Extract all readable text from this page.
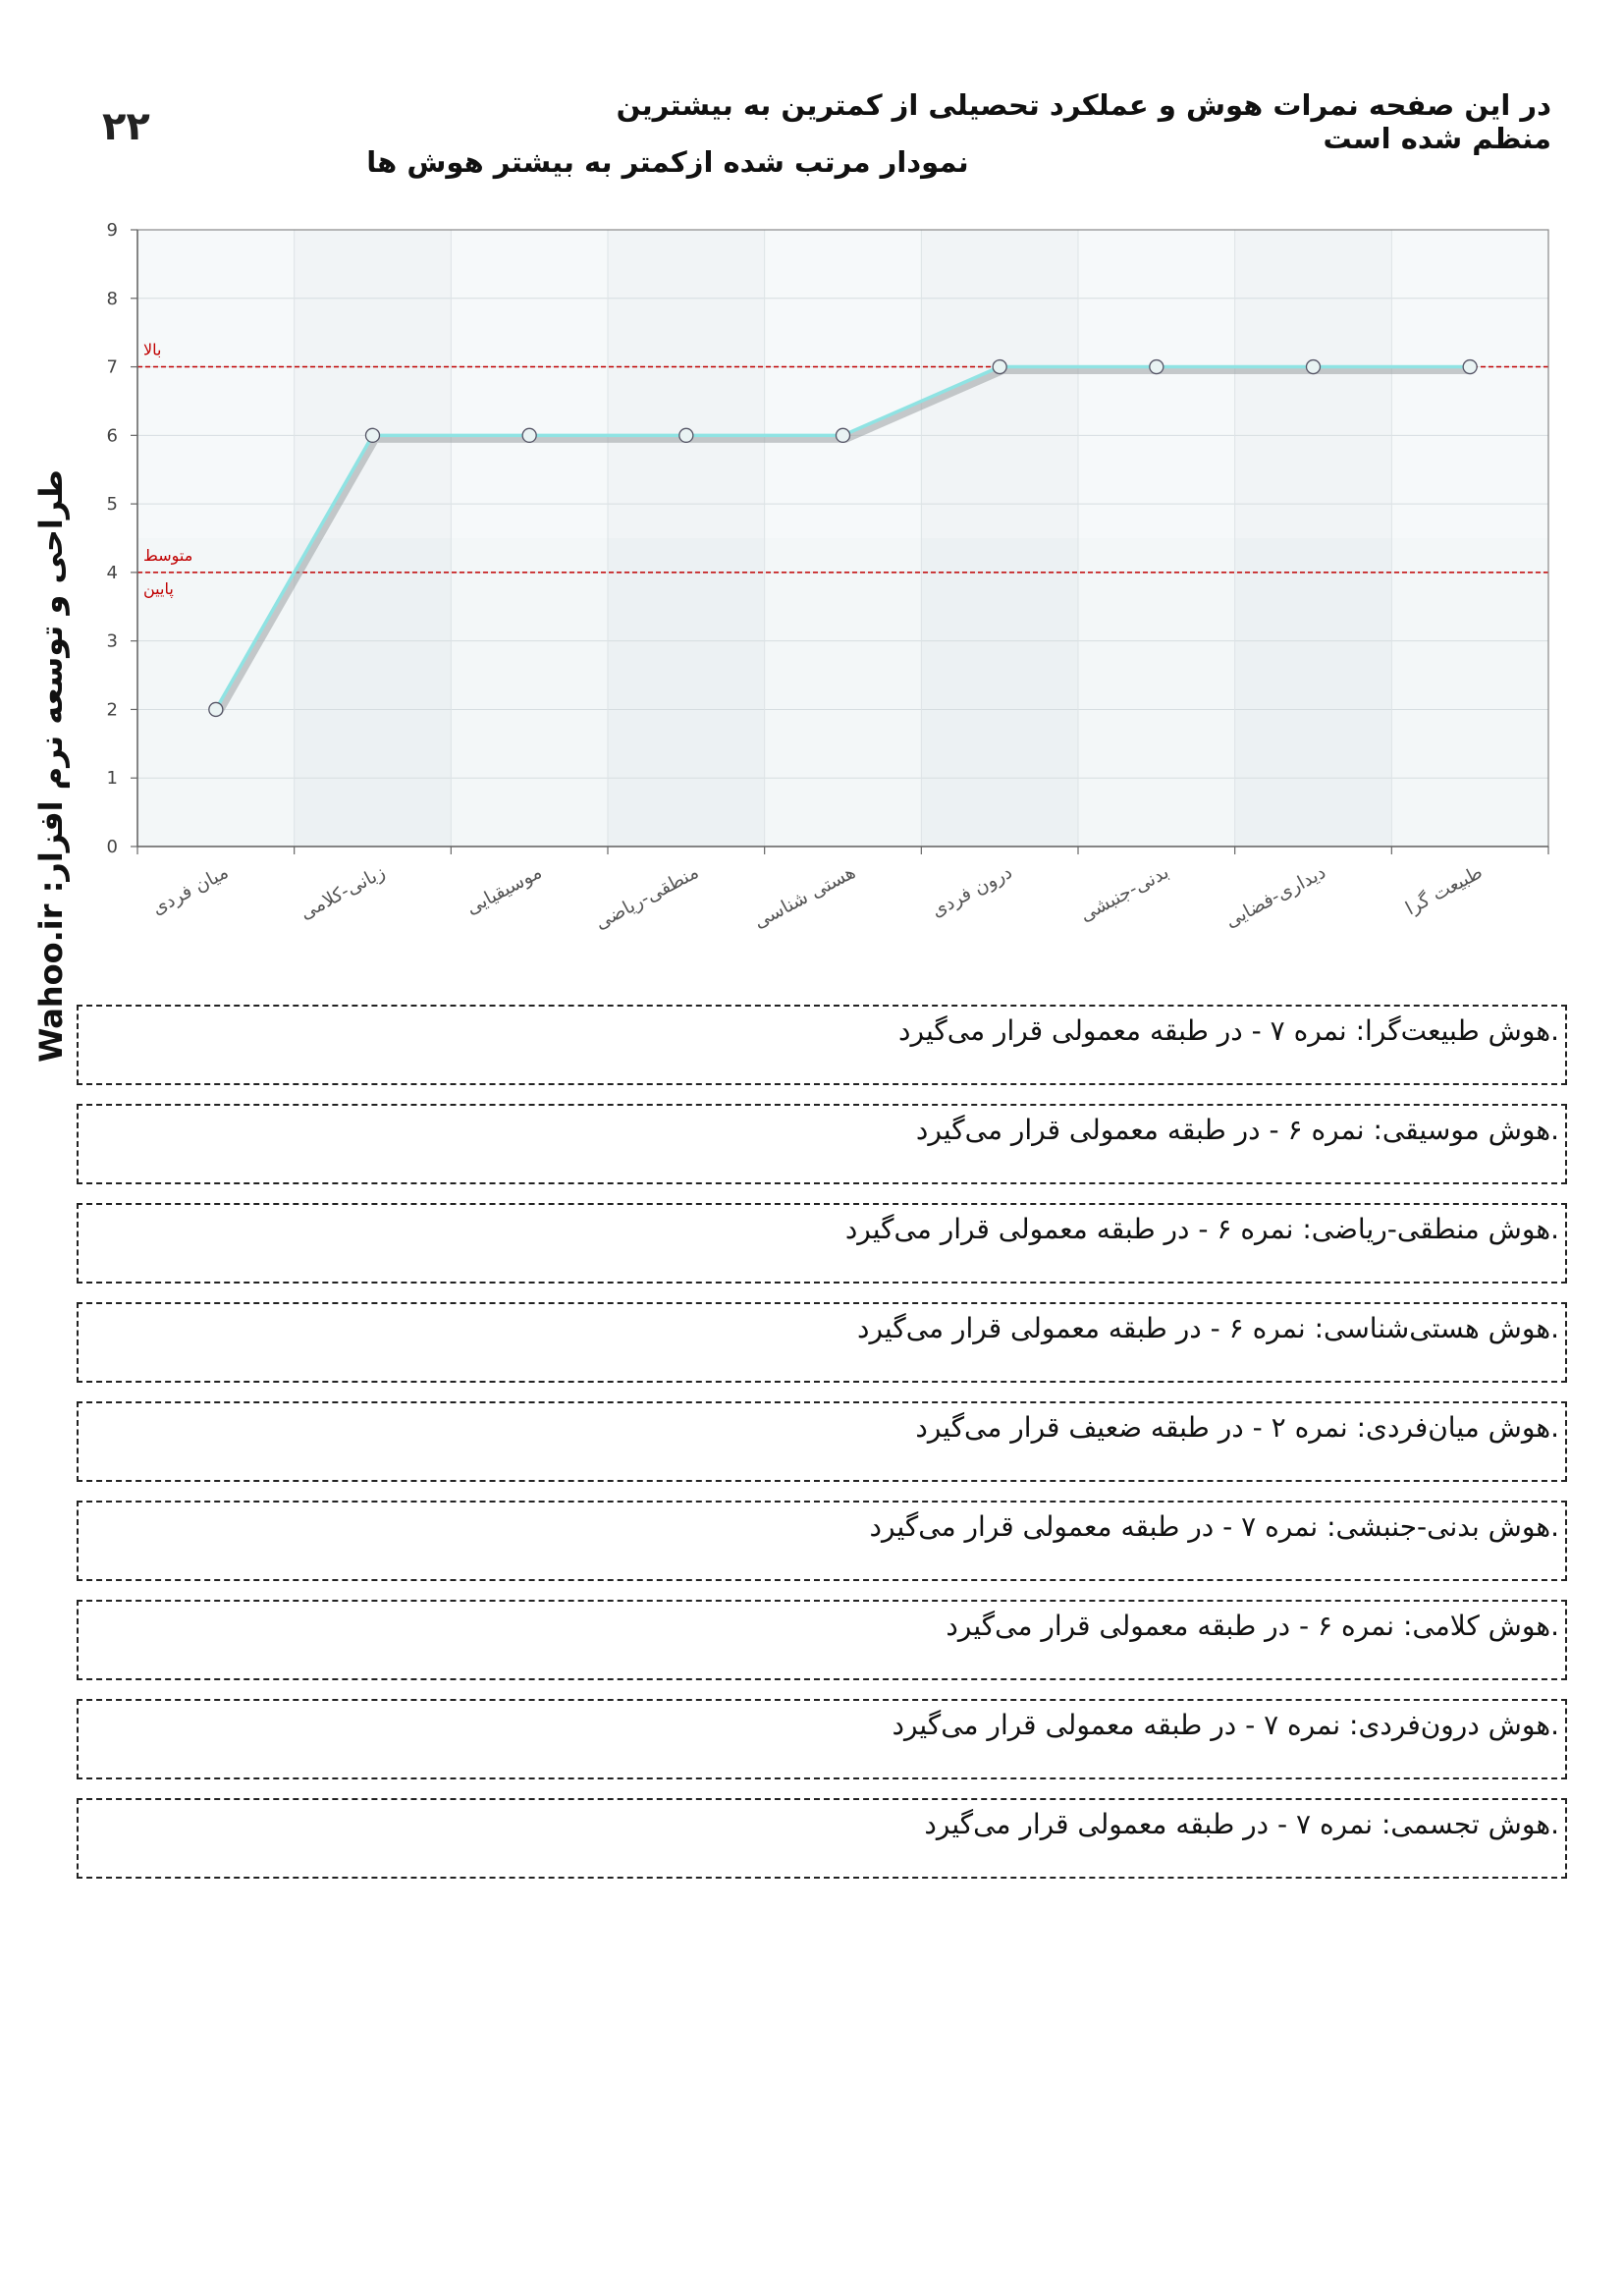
۲۲	در این صفحه نمرات هوش و عملکرد تحصیلی از کمترین به بیشترین منظم شده است
نمودار مرتب شده ازکمتر به بیشتر هوش ها
طراحی و توسعه نرم افزار: Wahoo.ir
بالا
متوسط
پایین
میان فردی	زبانی-کلامی	موسیقیایی منطقی-ریاضی	هستی شناسی	درون فردی	بدنی-جنبشی	دیداری-فضایی	طبیعت گرا
0
1
2
3
4
5
6
7
8
9
.هوش طبیعت‌گرا: نمره ۷ - در طبقه معمولی قرار می‌گیرد
.هوش موسیقی: نمره ۶ - در طبقه معمولی قرار می‌گیرد
.هوش منطقی-ریاضی: نمره ۶ - در طبقه معمولی قرار می‌گیرد
.هوش هستی‌شناسی: نمره ۶ - در طبقه معمولی قرار می‌گیرد
.هوش میان‌فردی: نمره ۲ - در طبقه ضعیف قرار می‌گیرد
.هوش بدنی-جنبشی: نمره ۷ - در طبقه معمولی قرار می‌گیرد
.هوش کلامی: نمره ۶ - در طبقه معمولی قرار می‌گیرد
.هوش درون‌فردی: نمره ۷ - در طبقه معمولی قرار می‌گیرد
.هوش تجسمی: نمره ۷ - در طبقه معمولی قرار می‌گیرد
